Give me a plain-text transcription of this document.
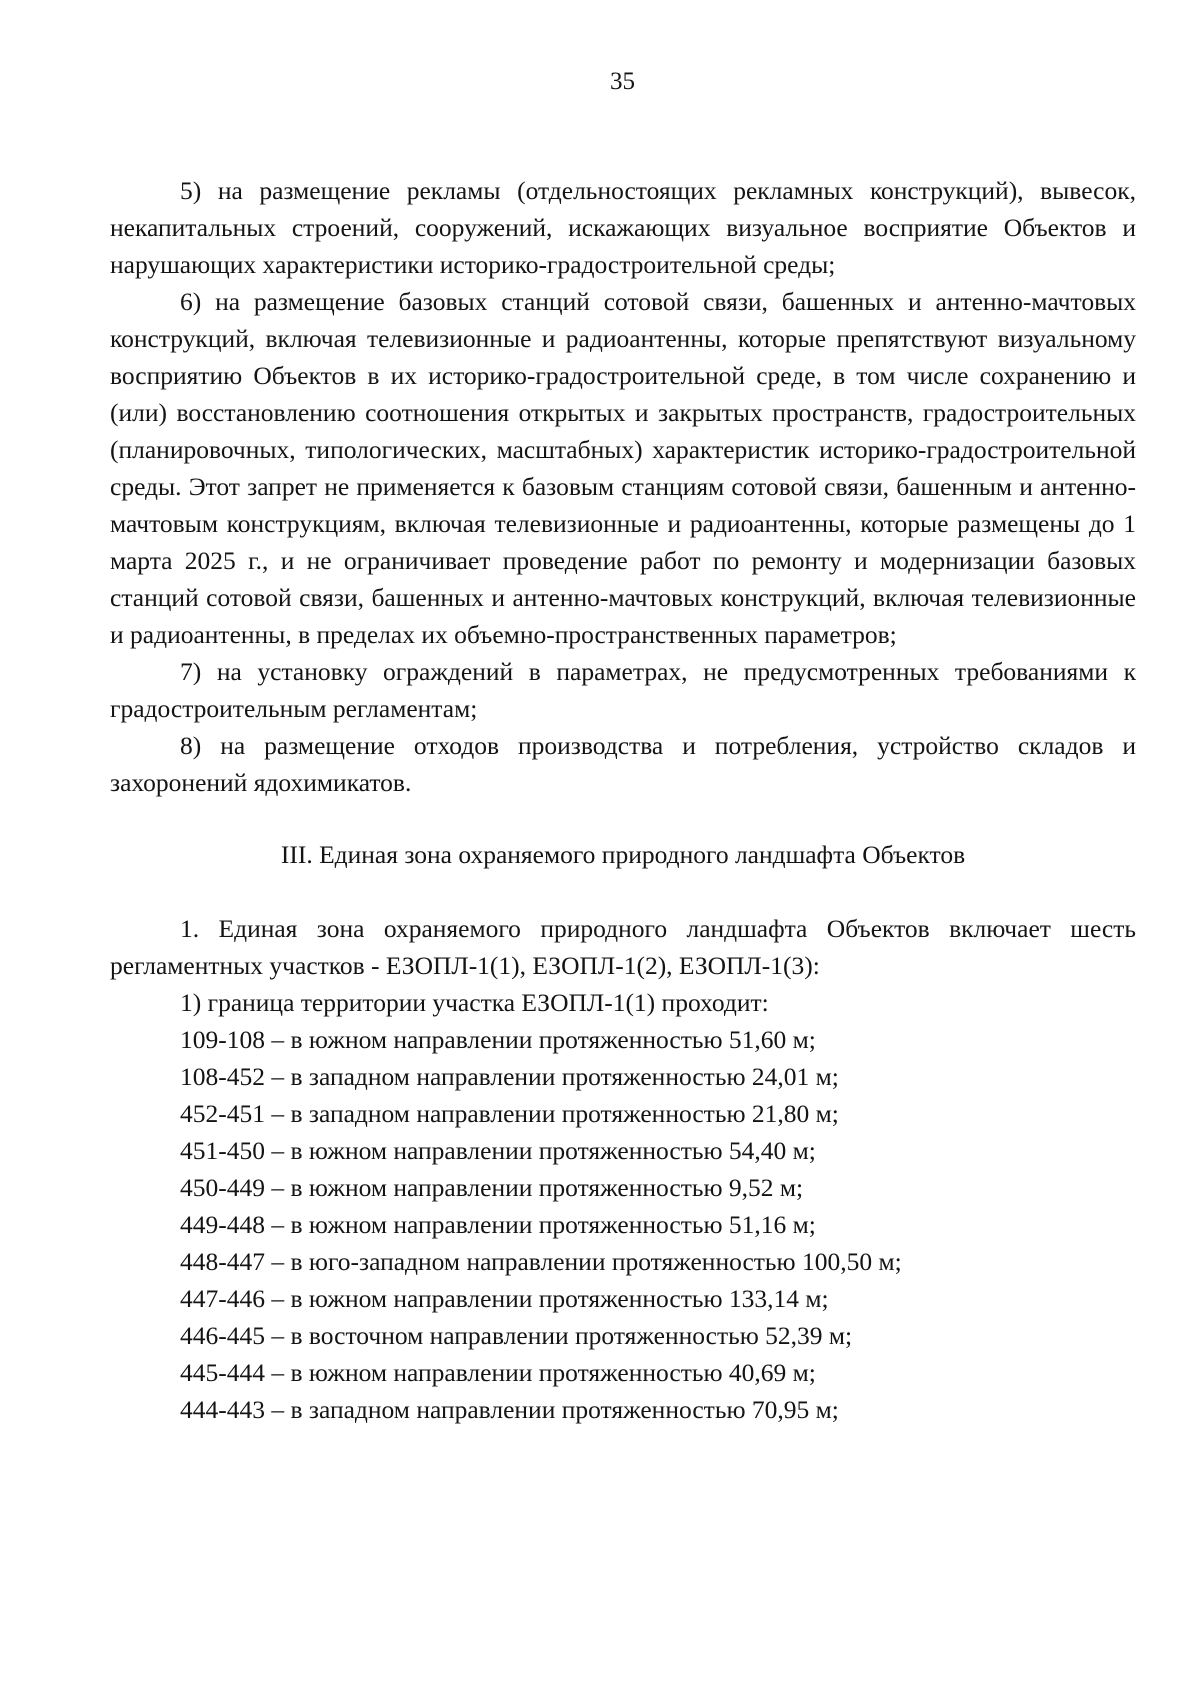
35

5) на размещение рекламы (отдельностоящих рекламных конструкций), вывесок, некапитальных строений, сооружений, искажающих визуальное восприятие Объектов и нарушающих характеристики историко-градостроительной среды;

6) на размещение базовых станций сотовой связи, башенных и антенно-мачтовых конструкций, включая телевизионные и радиоантенны, которые препятствуют визуальному восприятию Объектов в их историко-градостроительной среде, в том числе сохранению и (или) восстановлению соотношения открытых и закрытых пространств, градостроительных (планировочных, типологических, масштабных) характеристик историко-градостроительной среды. Этот запрет не применяется к базовым станциям сотовой связи, башенным и антенно-мачтовым конструкциям, включая телевизионные и радиоантенны, которые размещены до 1 марта 2025 г., и не ограничивает проведение работ по ремонту и модернизации базовых станций сотовой связи, башенных и антенно-мачтовых конструкций, включая телевизионные и радиоантенны, в пределах их объемно-пространственных параметров;

7) на установку ограждений в параметрах, не предусмотренных требованиями к градостроительным регламентам;

8) на размещение отходов производства и потребления, устройство складов и захоронений ядохимикатов.

III. Единая зона охраняемого природного ландшафта Объектов

1. Единая зона охраняемого природного ландшафта Объектов включает шесть регламентных участков - ЕЗОПЛ-1(1), ЕЗОПЛ-1(2), ЕЗОПЛ-1(3):

1) граница территории участка ЕЗОПЛ-1(1) проходит:

109-108 – в южном направлении протяженностью 51,60 м;

108-452 – в западном направлении протяженностью 24,01 м;

452-451 – в западном направлении протяженностью 21,80 м;

451-450 – в южном направлении протяженностью 54,40 м;

450-449 – в южном направлении протяженностью 9,52 м;

449-448 – в южном направлении протяженностью 51,16 м;

448-447 – в юго-западном направлении протяженностью 100,50 м;

447-446 – в южном направлении протяженностью 133,14 м;

446-445 – в восточном направлении протяженностью 52,39 м;

445-444 – в южном направлении протяженностью 40,69 м;

444-443 – в западном направлении протяженностью 70,95 м;
